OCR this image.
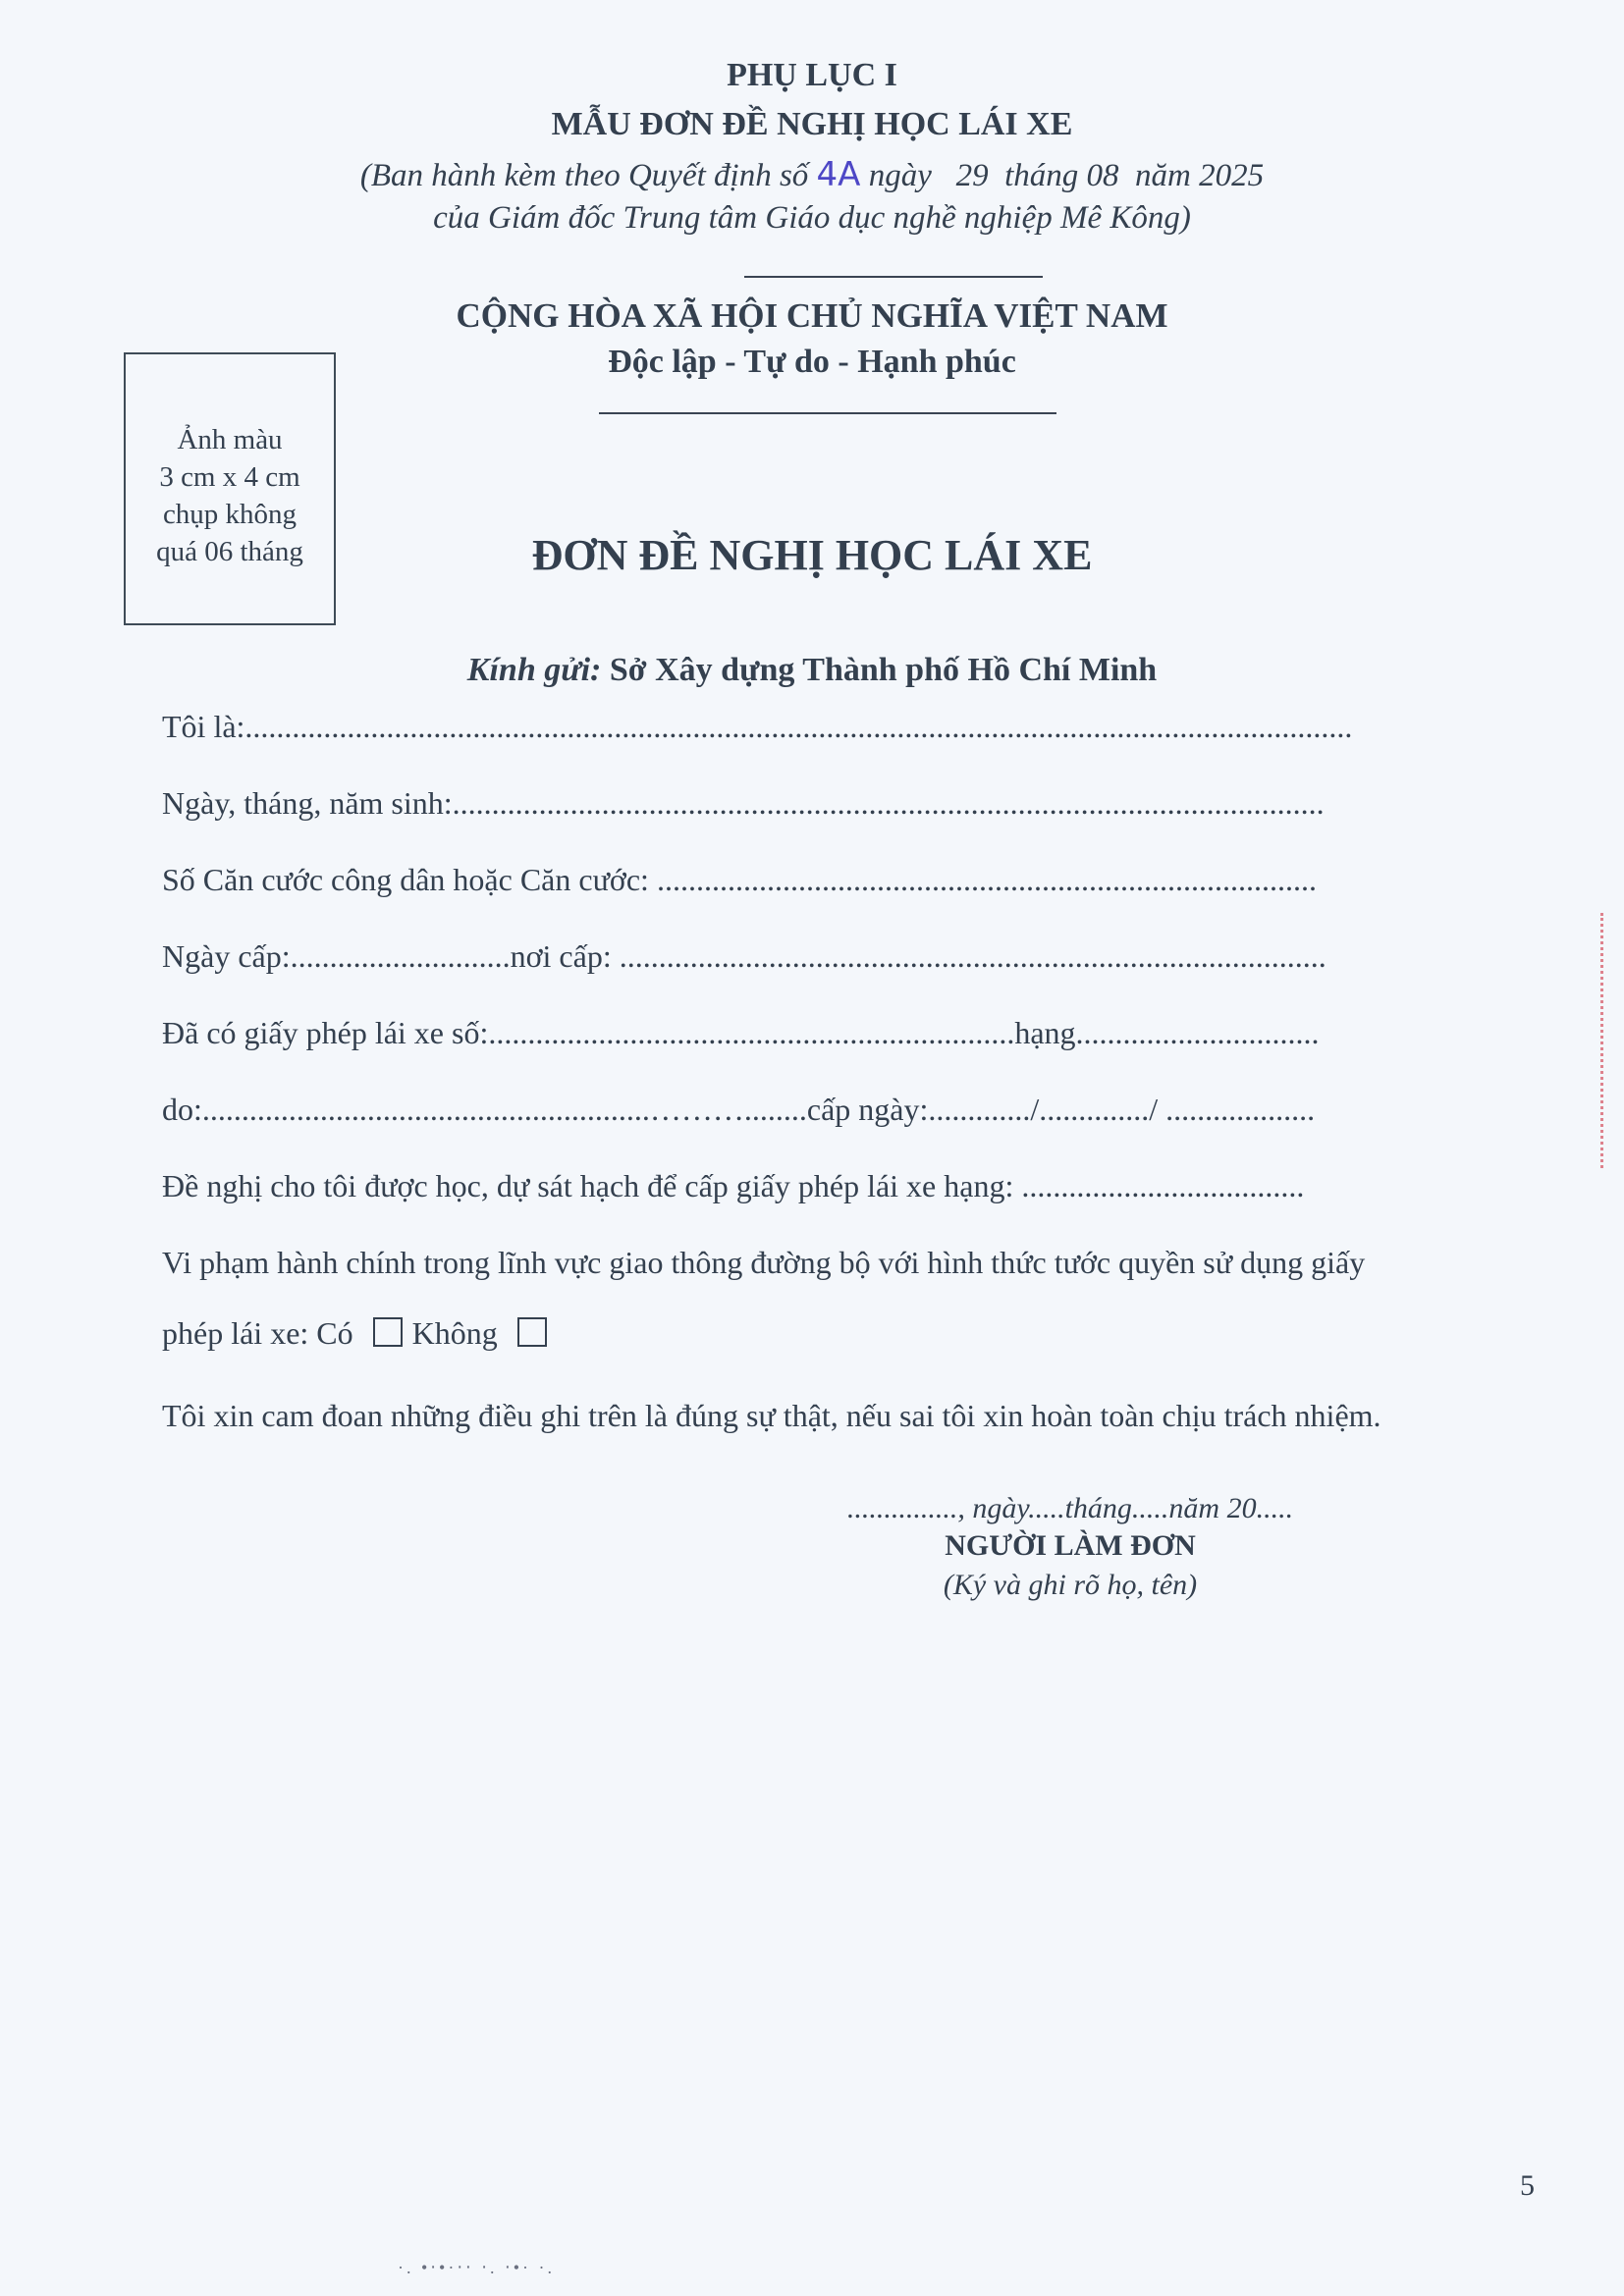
PHỤ LỤC I
MẪU ĐƠN ĐỀ NGHỊ HỌC LÁI XE
(Ban hành kèm theo Quyết định số 4A ngày   29  tháng 08  năm 2025
của Giám đốc Trung tâm Giáo dục nghề nghiệp Mê Kông)
CỘNG HÒA XÃ HỘI CHỦ NGHĨA VIỆT NAM
Độc lập - Tự do - Hạnh phúc
Ảnh màu
3 cm x 4 cm
chụp không
quá 06 tháng	ĐƠN ĐỀ NGHỊ HỌC LÁI XE
Kính gửi: Sở Xây dựng Thành phố Hồ Chí Minh
Tôi là:.............................................................................................................................................
Ngày, tháng, năm sinh:...............................................................................................................
Số Căn cước công dân hoặc Căn cước: ....................................................................................
Ngày cấp:............................nơi cấp: ..........................................................................................
Đã có giấy phép lái xe số:...................................................................hạng...............................
do:.........................................................………........cấp ngày:............./............../ ...................
Đề nghị cho tôi được học, dự sát hạch để cấp giấy phép lái xe hạng: ....................................
Vi phạm hành chính trong lĩnh vực giao thông đường bộ với hình thức tước quyền sử dụng giấy
phép lái xe: Có Không
Tôi xin cam đoan những điều ghi trên là đúng sự thật, nếu sai tôi xin hoàn toàn chịu trách nhiệm.
..............., ngày.....tháng.....năm 20.....
NGƯỜI LÀM ĐƠN
(Ký và ghi rõ họ, tên)
5
·. •‧•·‧‧ ‧. ‧•· ·.
